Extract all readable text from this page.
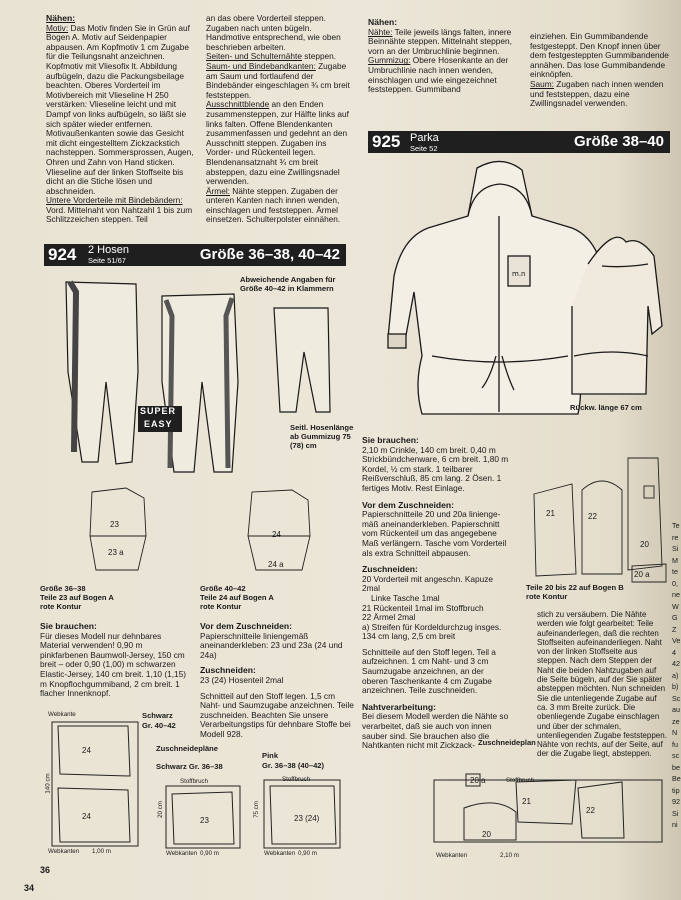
Nähen:

Motiv: Das Motiv finden Sie in Grün auf Bogen A. Motiv auf Seidenpapier abpausen. Am Kopfmotiv 1 cm Zugabe für die Teilungsnaht anzeichnen. Kopfmotiv mit Vliesofix lt. Abbildung aufbügeln, dazu die Packungsbeilage beachten. Oberes Vorderteil im Motivbereich mit Vlieseline H 250 verstärken: Vlieseline leicht und mit Dampf von links aufbügeln, so läßt sie sich später wieder entfernen. Motivaußenkanten sowie das Gesicht mit dicht eingestelltem Zickzackstich nachsteppen. Sommersprossen, Augen, Ohren und Zahn von Hand sticken. Vlieseline auf der linken Stoffseite bis dicht an die Stiche lösen und abschneiden.

Untere Vorderteile mit Bindebändern: Vord. Mittelnaht von Nahtzahl 1 bis zum Schlitzzeichen steppen. Teil

an das obere Vorderteil steppen. Zugaben nach unten bügeln. Handmotive entsprechend, wie oben beschrieben arbeiten.

Seiten- und Schulternähte steppen.

Saum- und Bindebandkanten: Zugabe am Saum und fortlaufend der Bindebänder eingeschlagen ¾ cm breit feststeppen.

Ausschnittblende an den Enden zusammensteppen, zur Hälfte links auf links falten. Offene Blendenkanten zusammenfassen und gedehnt an den Ausschnitt steppen. Zugaben ins Vorder- und Rückenteil legen. Blendenansatznaht ¾ cm breit absteppen, dazu eine Zwillingsnadel verwenden.

Ärmel: Nähte steppen. Zugaben der unteren Kanten nach innen wenden, einschlagen und feststeppen. Ärmel einsetzen. Schulterpolster einnähen.

Nähen:

Nähte: Teile jeweils längs falten, innere Beinnähte steppen. Mittelnaht steppen, vorn an der Umbruchlinie beginnen.

Gummizug: Obere Hosenkante an der Umbruchlinie nach innen wenden, einschlagen und wie eingezeichnet feststeppen. Gummiband

einziehen. Ein Gummibandende festgesteppt. Den Knopf innen über dem festgesteppten Gummibandende annähen. Das lose Gummibandende einknöpfen.

Saum: Zugaben nach innen wenden und feststeppen, dazu eine Zwillingsnadel verwenden.

925 Parka
Seite 52	Größe 38–40
m.n
Rückw. länge 67 cm

Sie brauchen:

2,10 m Crinkle, 140 cm breit. 0,40 m Strickbündchenware, 6 cm breit. 1,80 m Kordel, ½ cm stark. 1 teilbarer Reißverschluß, 85 cm lang. 2 Ösen. 1 fertiges Motiv. Rest Einlage.

Vor dem Zuschneiden:

Papierschnitteile 20 und 20a linienge-mäß aneinanderkleben. Papierschnitt vom Rückenteil um das angegebene Maß verlängern. Tasche vom Vorderteil als extra Schnitteil abpausen.

Zuschneiden:

20 Vorderteil mit angeschn. Kapuze 2mal

Linke Tasche 1mal

21 Rückenteil 1mal im Stoffbruch

22 Ärmel 2mal

a) Streifen für Kordeldurchzug insges. 134 cm lang, 2,5 cm breit

Schnitteile auf den Stoff legen. Teil a aufzeichnen. 1 cm Naht- und 3 cm Saumzugabe anzeichnen, an der oberen Taschenkante 4 cm Zugabe anzeichnen. Teile zuschneiden.

Nahtverarbeitung:

Bei diesem Modell werden die Nähte so verarbeitet, daß sie auch von innen sauber sind. Sie brauchen also die Nahtkanten nicht mit Zickzack-

21	22
20
20 a
Teile 20 bis 22 auf Bogen B
rote Kontur

stich zu versäubern. Die Nähte werden wie folgt gearbeitet: Teile aufeinanderlegen, daß die rechten Stoffseiten aufeinanderliegen. Naht von der linken Stoffseite aus steppen. Nach dem Steppen der Naht die beiden Nahtzugaben auf die Seite bügeln, auf der Sie später absteppen möchten. Nun schneiden Sie die untenliegende Zugabe auf ca. 3 mm Breite zurück. Die obenliegende Zugabe einschlagen und über der schmalen, untenliegenden Zugabe feststeppen. Nähte von rechts, auf der Seite, auf der die Zugabe liegt, absteppen.

Zuschneideplan
20 a
21
22
20
Stoffbruch
Webkanten	2,10 m
924 2 Hosen
Seite 51/67	Größe 36–38, 40–42
Abweichende Angaben für Größe 40–42 in Klammern
SUPER
EASY	Seitl. Hosenlänge ab Gummizug 75 (78) cm
23
23 a
24
24 a
Größe 36–38
Teile 23 auf Bogen A
rote Kontur
Größe 40–42
Teile 24 auf Bogen A
rote Kontur

Sie brauchen:

Für dieses Modell nur dehnbares Material verwenden! 0,90 m pinkfarbenen Baumwoll-Jersey, 150 cm breit – oder 0,90 (1,00) m schwarzen Elastic-Jersey, 140 cm breit. 1,10 (1,15) m Knopflochgummiband, 2 cm breit. 1 flacher Innenknopf.

Vor dem Zuschneiden:

Papierschnitteile liniengemäß aneinanderkleben: 23 und 23a (24 und 24a)

Zuschneiden:

23 (24) Hosenteil 2mal

Schnitteil auf den Stoff legen. 1,5 cm Naht- und Saumzugabe anzeichnen. Teile zuschneiden. Beachten Sie unsere Verarbeitungstips für dehnbare Stoffe bei Modell 928.

Zuschneidepläne
Schwarz
Gr. 40–42
Schwarz Gr. 36–38
Pink
Gr. 36–38 (40–42)
Webkante
24
24
140 cm
Webkanten 1,00 m
Stoffbruch
20 cm
23
Webkanten 0,90 m
Stoffbruch
75 cm
23 (24)
Webkanten 0,90 m
36
34
Te
re
Si
M
te
0,
ne
W
G
Z
Ve
4
42
a)
b)
Sc
au
ze
N
fu
sc
be
Be
tip
92
Si
ni
